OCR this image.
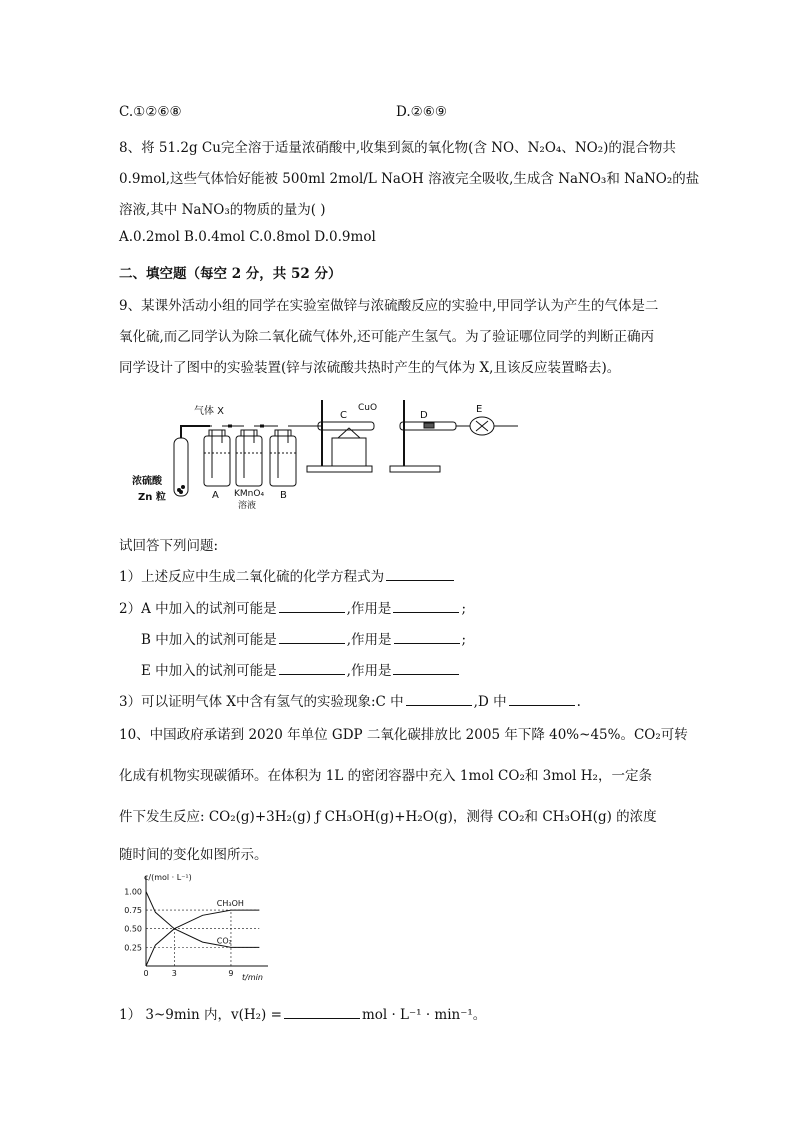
C.①②⑥⑧	D.②⑥⑨
8、将 51.2g Cu完全溶于适量浓硝酸中,收集到氮的氧化物(含 NO、N₂O₄、NO₂)的混合物共
0.9mol,这些气体恰好能被 500ml 2mol/L NaOH 溶液完全吸收,生成含 NaNO₃和 NaNO₂的盐
溶液,其中 NaNO₃的物质的量为( )
A.0.2mol B.0.4mol C.0.8mol D.0.9mol
二、填空题（每空 2 分，共 52 分）
9、某课外活动小组的同学在实验室做锌与浓硫酸反应的实验中,甲同学认为产生的气体是二
氧化硫,而乙同学认为除二氧化硫气体外,还可能产生氢气。为了验证哪位同学的判断正确丙
同学设计了图中的实验装置(锌与浓硫酸共热时产生的气体为 X,且该反应装置略去)。
气体 X
浓硫酸
Zn 粒	A KMnO₄
溶液
B
C
CuO
D
E
试回答下列问题:
1）上述反应中生成二氧化硫的化学方程式为
2）A 中加入的试剂可能是	,作用是	;
B 中加入的试剂可能是	,作用是	;
E 中加入的试剂可能是	,作用是
3）可以证明气体 X中含有氢气的实验现象:C 中	,D 中	.
10、中国政府承诺到 2020 年单位 GDP 二氧化碳排放比 2005 年下降 40%~45%。CO₂可转
化成有机物实现碳循环。在体积为 1L 的密闭容器中充入 1mol CO₂和 3mol H₂，一定条
件下发生反应: CO₂(g)+3H₂(g) ƒ CH₃OH(g)+H₂O(g)，测得 CO₂和 CH₃OH(g) 的浓度
随时间的变化如图所示。
c/(mol · L⁻¹)
t/min
1.00
0.75
0.50
0.25
0	3	9
CH₃OH
CO₂
1） 3~9min 内，v(H₂) =	mol · L⁻¹ · min⁻¹。
